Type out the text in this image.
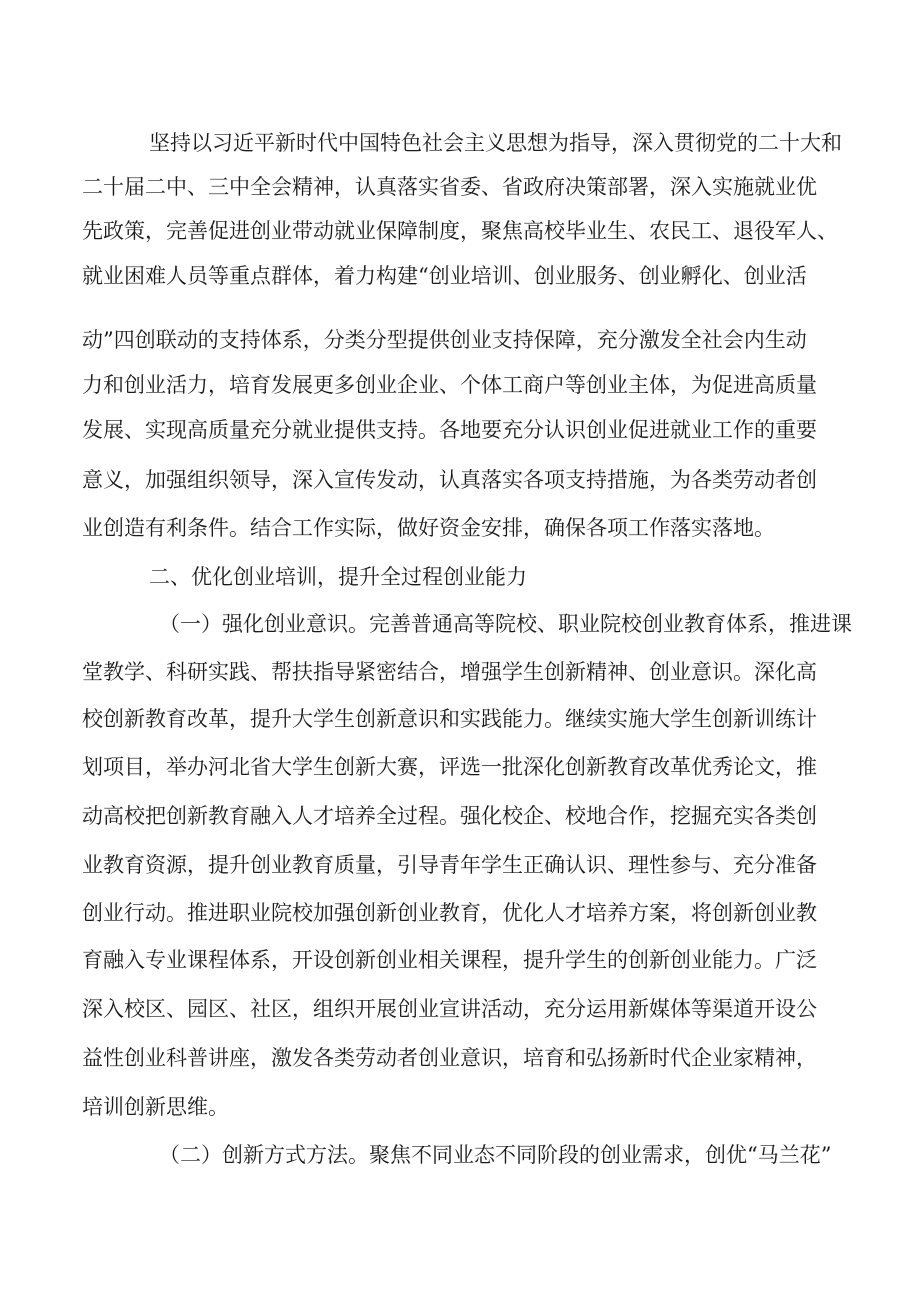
坚持以习近平新时代中国特色社会主义思想为指导，深入贯彻党的二十大和

二十届二中、三中全会精神，认真落实省委、省政府决策部署，深入实施就业优

先政策，完善促进创业带动就业保障制度，聚焦高校毕业生、农民工、退役军人、

就业困难人员等重点群体，着力构建“创业培训、创业服务、创业孵化、创业活

动”四创联动的支持体系，分类分型提供创业支持保障，充分激发全社会内生动

力和创业活力，培育发展更多创业企业、个体工商户等创业主体，为促进高质量

发展、实现高质量充分就业提供支持。各地要充分认识创业促进就业工作的重要

意义，加强组织领导，深入宣传发动，认真落实各项支持措施，为各类劳动者创

业创造有利条件。结合工作实际，做好资金安排，确保各项工作落实落地。

二、优化创业培训，提升全过程创业能力

（一）强化创业意识。完善普通高等院校、职业院校创业教育体系，推进课

堂教学、科研实践、帮扶指导紧密结合，增强学生创新精神、创业意识。深化高

校创新教育改革，提升大学生创新意识和实践能力。继续实施大学生创新训练计

划项目，举办河北省大学生创新大赛，评选一批深化创新教育改革优秀论文，推

动高校把创新教育融入人才培养全过程。强化校企、校地合作，挖掘充实各类创

业教育资源，提升创业教育质量，引导青年学生正确认识、理性参与、充分准备

创业行动。推进职业院校加强创新创业教育，优化人才培养方案，将创新创业教

育融入专业课程体系，开设创新创业相关课程，提升学生的创新创业能力。广泛

深入校区、园区、社区，组织开展创业宣讲活动，充分运用新媒体等渠道开设公

益性创业科普讲座，激发各类劳动者创业意识，培育和弘扬新时代企业家精神，

培训创新思维。

（二）创新方式方法。聚焦不同业态不同阶段的创业需求，创优“马兰花”
